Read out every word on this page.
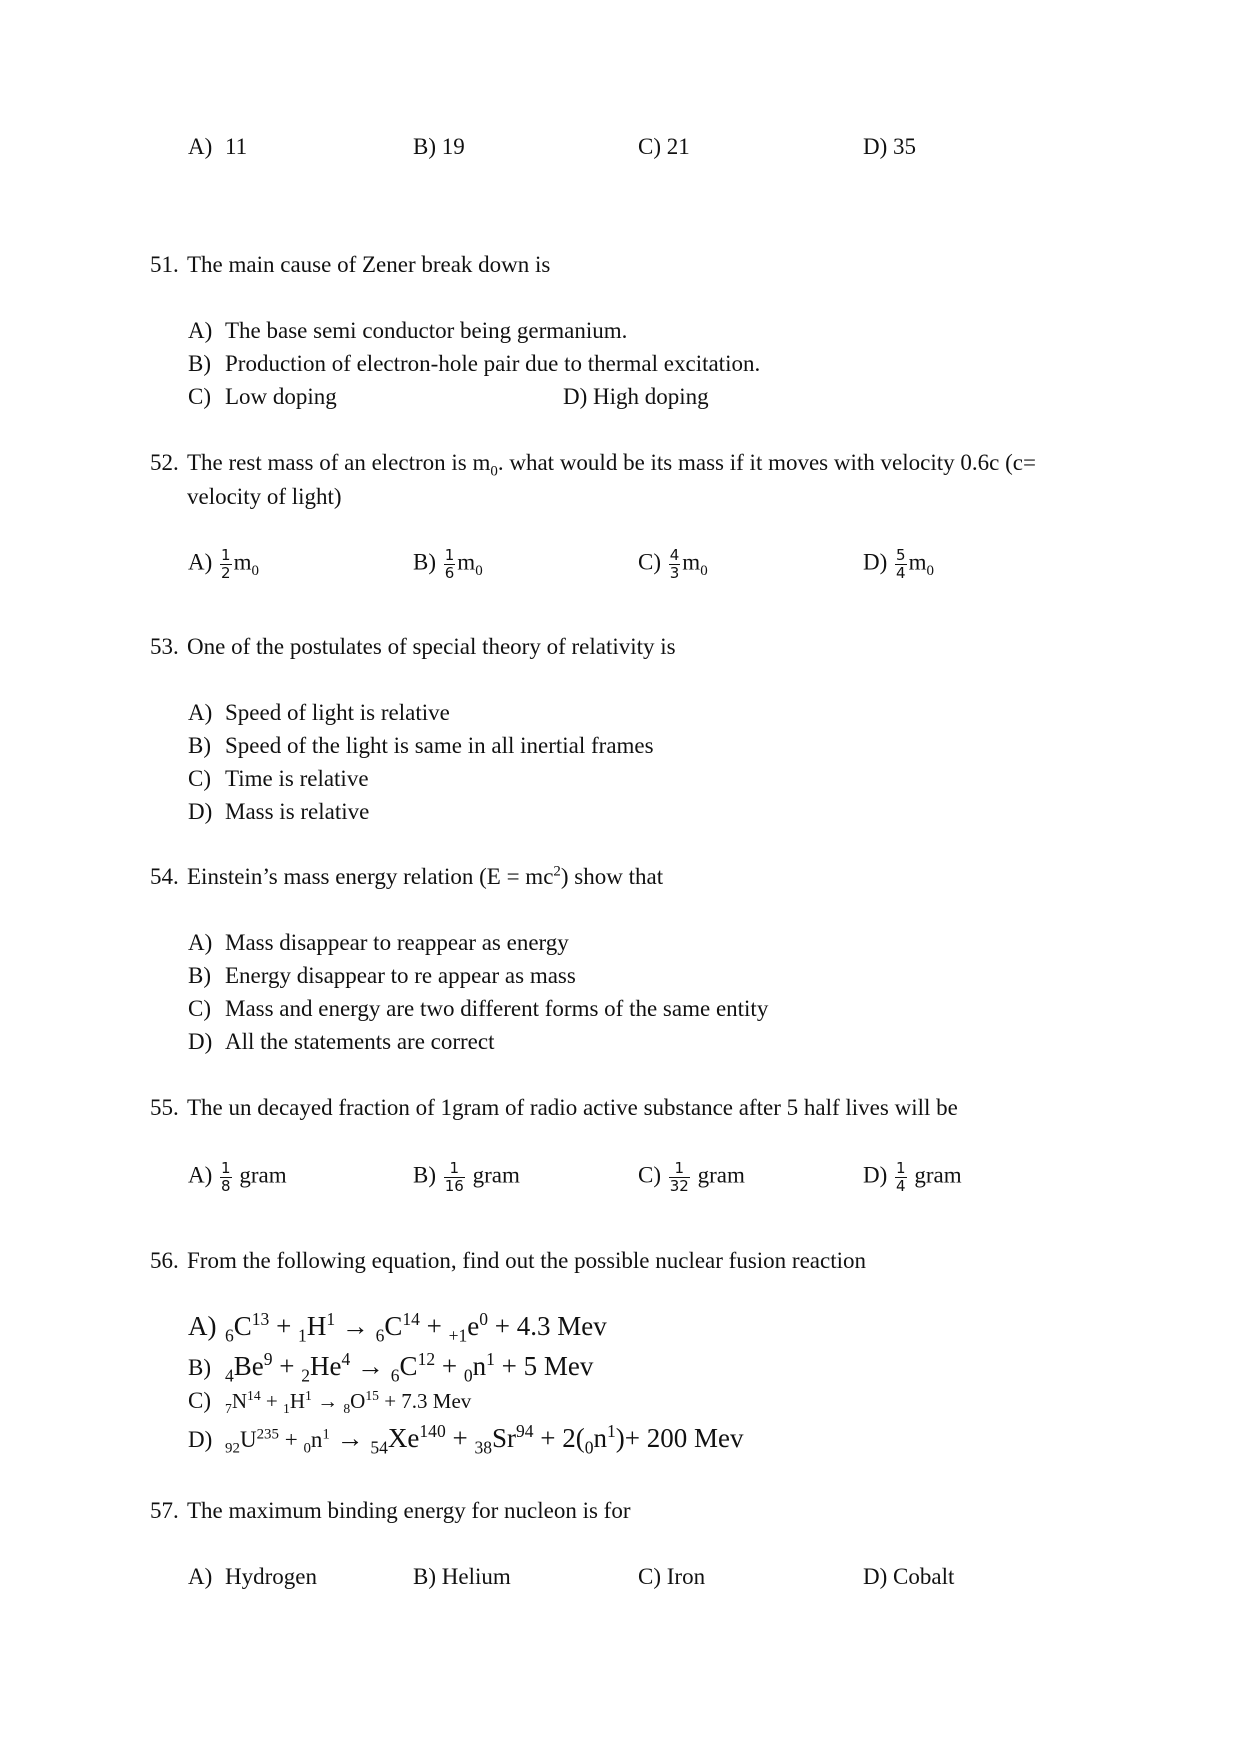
A) 11	B) 19	C) 21	D) 35
51. The main cause of Zener break down is
A) The base semi conductor being germanium.
B) Production of electron-hole pair due to thermal excitation.
C) Low doping	D) High doping
52. The rest mass of an electron is $m_0$. what would be its mass if it moves with velocity 0.6c (c=
velocity of light)
$A) \frac{1}{2} m_0$	$B) \frac{1}{6} m_0$	$C) \frac{4}{3} m_0$	$D) \frac{5}{4} m_0$
53. One of the postulates of special theory of relativity is
A) Speed of light is relative
B) Speed of the light is same in all inertial frames
C) Time is relative
D) Mass is relative
54. Einstein’s mass energy relation $(E = mc^2)$ show that
A) Mass disappear to reappear as energy
B) Energy disappear to re appear as mass
C) Mass and energy are two different forms of the same entity
D) All the statements are correct
55. The un decayed fraction of 1gram of radio active substance after 5 half lives will be
$A) \frac{1}{8}$ gram	$B) \frac{1}{16}$ gram	$C) \frac{1}{32}$ gram	$D) \frac{1}{4}$ gram
56. From the following equation, find out the possible nuclear fusion reaction
A) $_6C^{13} + _1H^1 \to _6C^{14} + _{+1}e^0 + 4.3$ Mev
B) $_4Be^9 + _2He^4 \to _6C^{12} + _0n^1 + 5$ Mev
C) $_7N^{14} + _1H^1 \to _8O^{15} + 7.3$ Mev
D) $_{92}U^{235} + _0n^1 \to _{54}Xe^{140} + _{38}Sr^{94} + 2(_0n^1)+ 200$ Mev
57. The maximum binding energy for nucleon is for
A) Hydrogen	B) Helium	C) Iron	D) Cobalt
